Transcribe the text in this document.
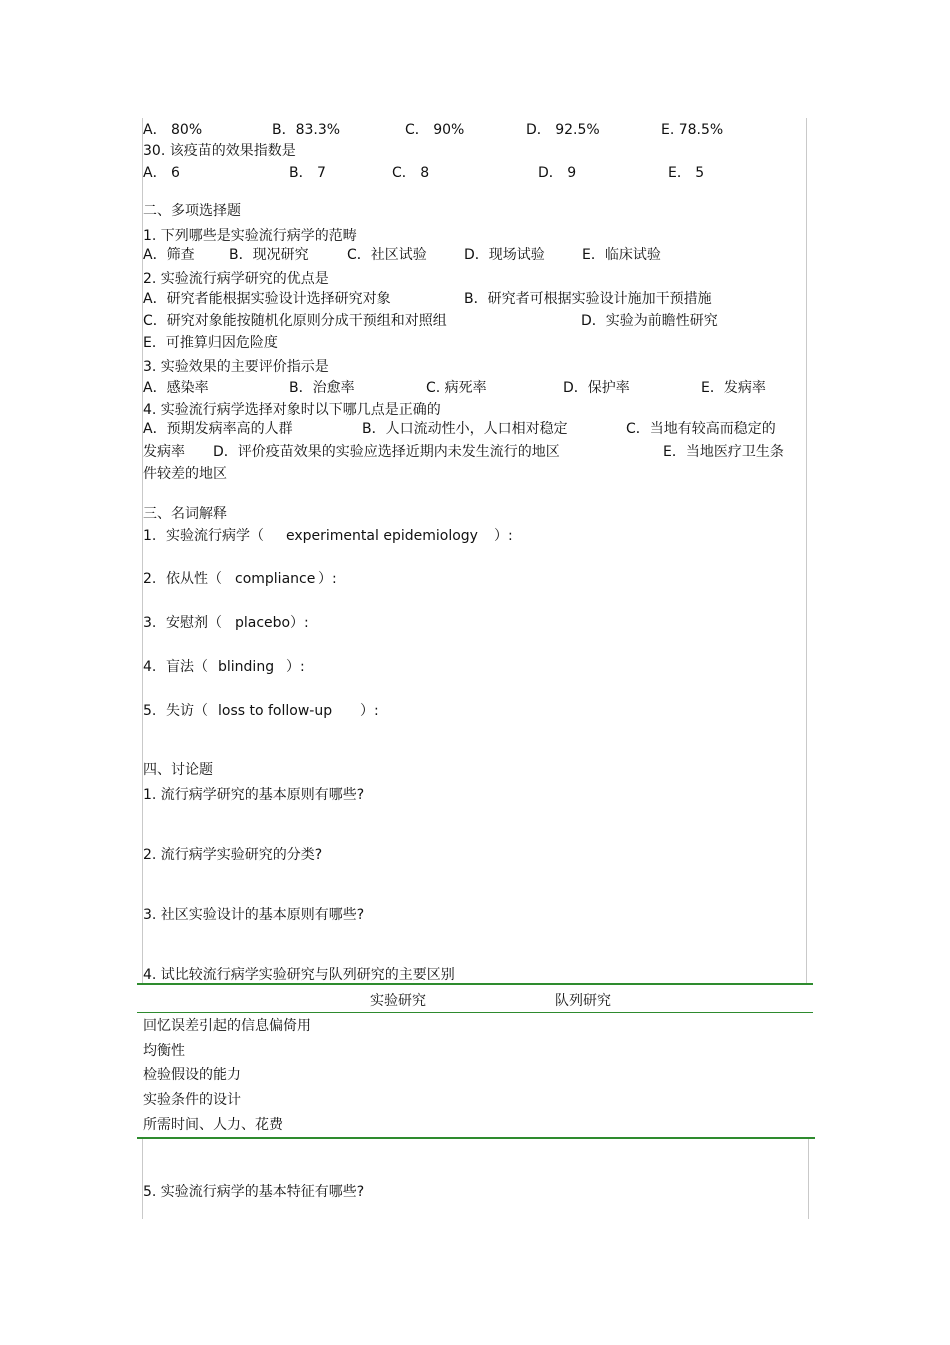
A． 80%	B．83.3%	C． 90%	D． 92.5%	E. 78.5%
30. 该疫苗的效果指数是
A． 6	B． 7	C． 8	D． 9	E． 5
二、多项选择题
1. 下列哪些是实验流行病学的范畴
A．筛查 B．现况研究	C．社区试验	D．现场试验	E．临床试验
2. 实验流行病学研究的优点是
A．研究者能根据实验设计选择研究对象	B．研究者可根据实验设计施加干预措施
C．研究对象能按随机化原则分成干预组和对照组	D．实验为前瞻性研究
E．可推算归因危险度
3. 实验效果的主要评价指示是
A．感染率	B．治愈率	C. 病死率	D．保护率	E．发病率
4. 实验流行病学选择对象时以下哪几点是正确的
A．预期发病率高的人群	B．人口流动性小，人口相对稳定	C．当地有较高而稳定的
发病率 D．评价疫苗效果的实验应选择近期内未发生流行的地区	E．当地医疗卫生条
件较差的地区
三、名词解释
1. 实验流行病学（ experimental epidemiology ）:
2. 依从性（ compliance ）:
3. 安慰剂（ placebo ）:
4. 盲法（ blinding ）:
5. 失访（ loss to follow-up ）:
四、讨论题
1. 流行病学研究的基本原则有哪些?
2. 流行病学实验研究的分类?
3. 社区实验设计的基本原则有哪些?
4. 试比较流行病学实验研究与队列研究的主要区别
实验研究	队列研究
回忆误差引起的信息偏倚用
均衡性
检验假设的能力
实验条件的设计
所需时间、人力、花费
5. 实验流行病学的基本特征有哪些?
